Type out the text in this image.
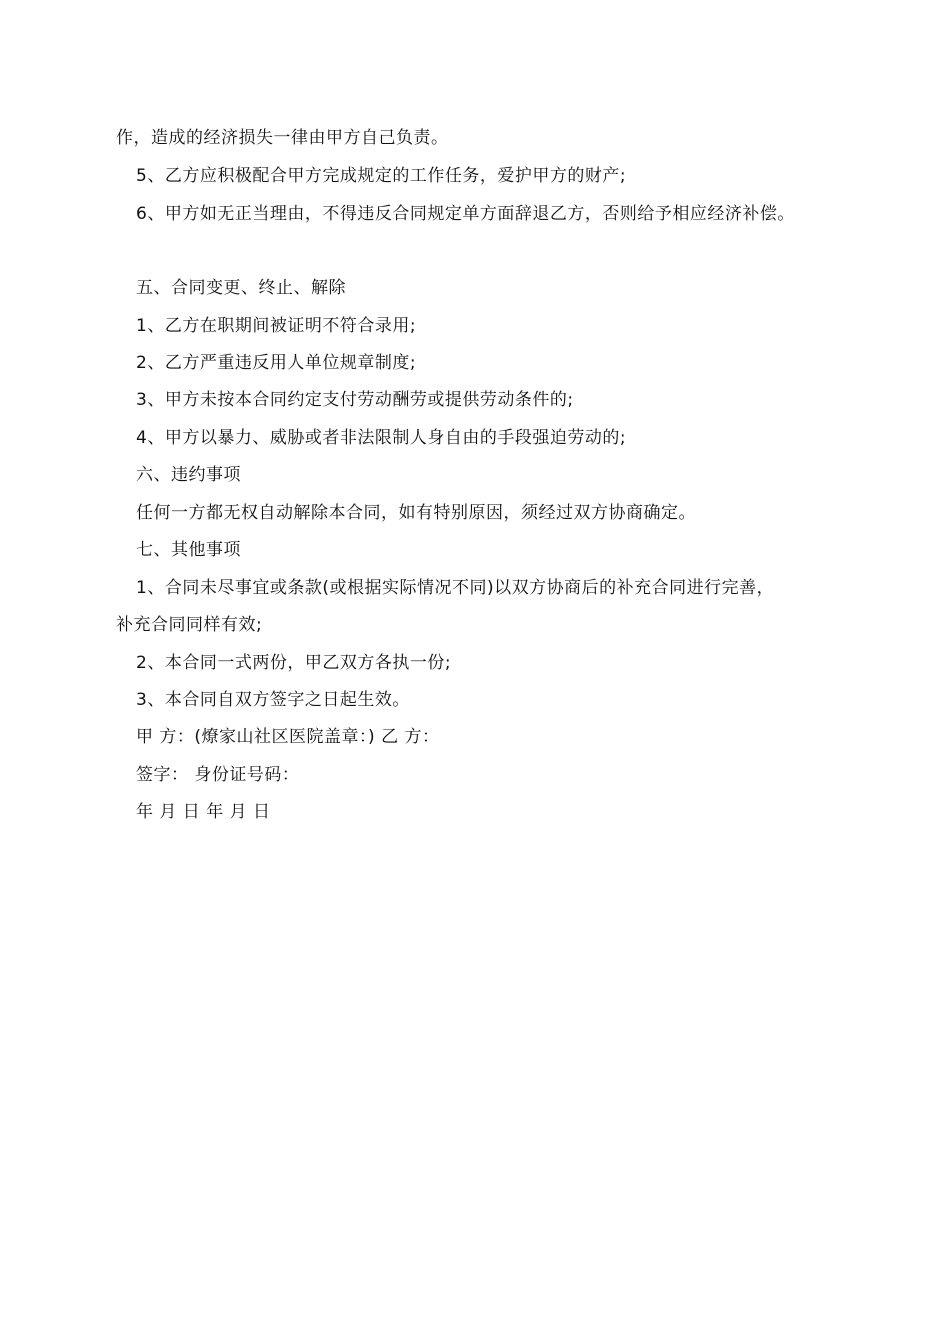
作，造成的经济损失一律由甲方自己负责。
5、乙方应积极配合甲方完成规定的工作任务，爱护甲方的财产;
6、甲方如无正当理由，不得违反合同规定单方面辞退乙方，否则给予相应经济补偿。
五、合同变更、终止、解除
1、乙方在职期间被证明不符合录用;
2、乙方严重违反用人单位规章制度;
3、甲方未按本合同约定支付劳动酬劳或提供劳动条件的;
4、甲方以暴力、威胁或者非法限制人身自由的手段强迫劳动的;
六、违约事项
任何一方都无权自动解除本合同，如有特别原因，须经过双方协商确定。
七、其他事项
1、合同未尽事宜或条款(或根据实际情况不同)以双方协商后的补充合同进行完善，
补充合同同样有效;
2、本合同一式两份，甲乙双方各执一份;
3、本合同自双方签字之日起生效。
甲 方：(燎家山社区医院盖章：) 乙 方：
签字： 身份证号码：
年 月 日 年 月 日
